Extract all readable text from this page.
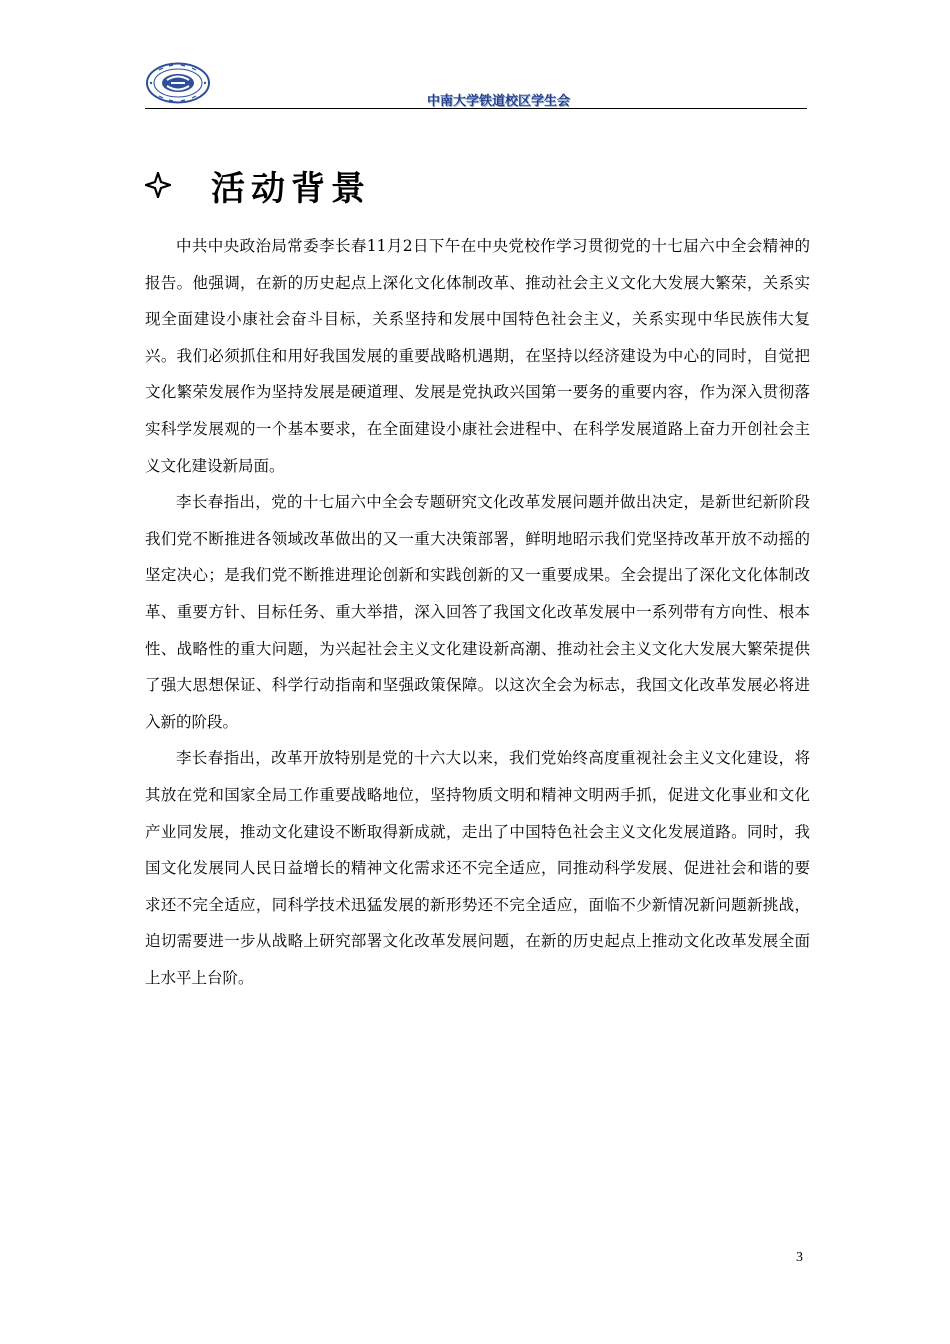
中南大学铁道校区学生会
活动背景

中共中央政治局常委李长春11月2日下午在中央党校作学习贯彻党的十七届六中全会精神的报告。他强调，在新的历史起点上深化文化体制改革、推动社会主义文化大发展大繁荣，关系实现全面建设小康社会奋斗目标，关系坚持和发展中国特色社会主义，关系实现中华民族伟大复兴。我们必须抓住和用好我国发展的重要战略机遇期，在坚持以经济建设为中心的同时，自觉把文化繁荣发展作为坚持发展是硬道理、发展是党执政兴国第一要务的重要内容，作为深入贯彻落实科学发展观的一个基本要求，在全面建设小康社会进程中、在科学发展道路上奋力开创社会主义文化建设新局面。

李长春指出，党的十七届六中全会专题研究文化改革发展问题并做出决定，是新世纪新阶段我们党不断推进各领域改革做出的又一重大决策部署，鲜明地昭示我们党坚持改革开放不动摇的坚定决心；是我们党不断推进理论创新和实践创新的又一重要成果。全会提出了深化文化体制改革、重要方针、目标任务、重大举措，深入回答了我国文化改革发展中一系列带有方向性、根本性、战略性的重大问题，为兴起社会主义文化建设新高潮、推动社会主义文化大发展大繁荣提供了强大思想保证、科学行动指南和坚强政策保障。以这次全会为标志，我国文化改革发展必将进入新的阶段。

李长春指出，改革开放特别是党的十六大以来，我们党始终高度重视社会主义文化建设，将其放在党和国家全局工作重要战略地位，坚持物质文明和精神文明两手抓，促进文化事业和文化产业同发展，推动文化建设不断取得新成就，走出了中国特色社会主义文化发展道路。同时，我国文化发展同人民日益增长的精神文化需求还不完全适应，同推动科学发展、促进社会和谐的要求还不完全适应，同科学技术迅猛发展的新形势还不完全适应，面临不少新情况新问题新挑战，迫切需要进一步从战略上研究部署文化改革发展问题，在新的历史起点上推动文化改革发展全面上水平上台阶。

3
